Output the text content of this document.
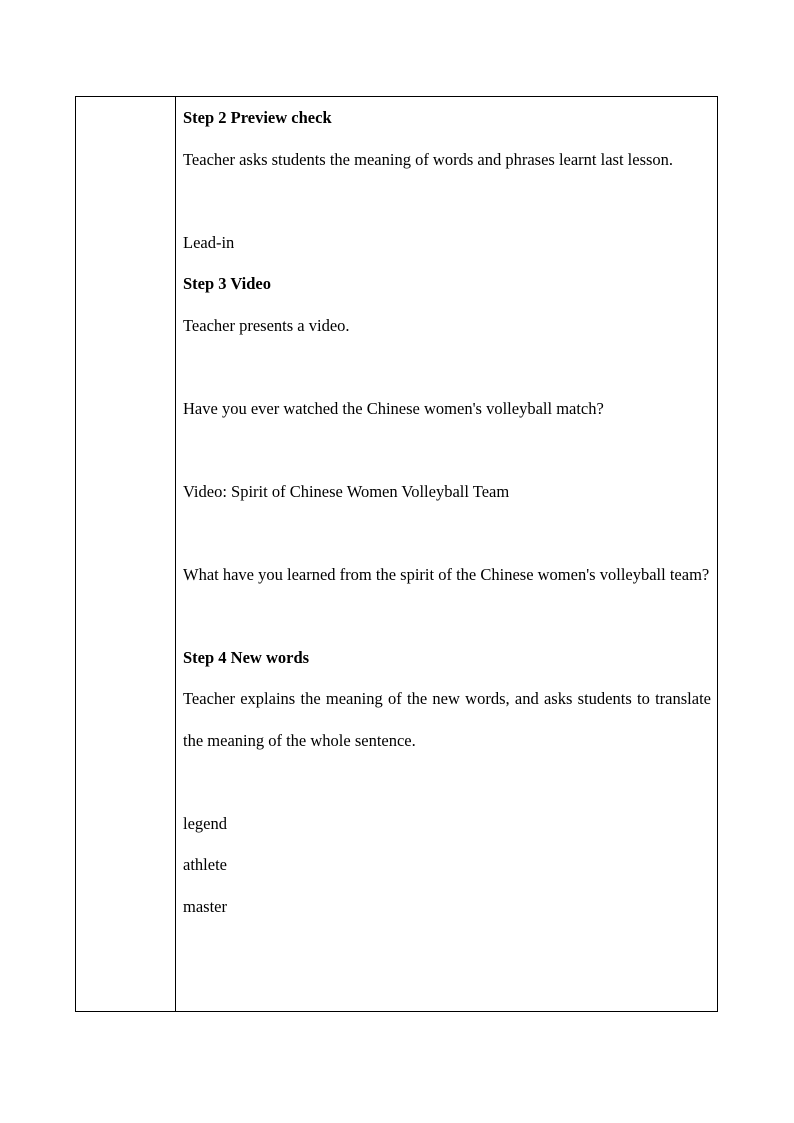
Step 2 Preview check

Teacher asks students the meaning of words and phrases learnt last lesson.

Lead-in

Step 3 Video

Teacher presents a video.

Have you ever watched the Chinese women's volleyball match?

Video: Spirit of Chinese Women Volleyball Team

What have you learned from the spirit of the Chinese women's volleyball team?

Step 4 New words

Teacher explains the meaning of the new words, and asks students to translate the meaning of the whole sentence.

legend

athlete

master
